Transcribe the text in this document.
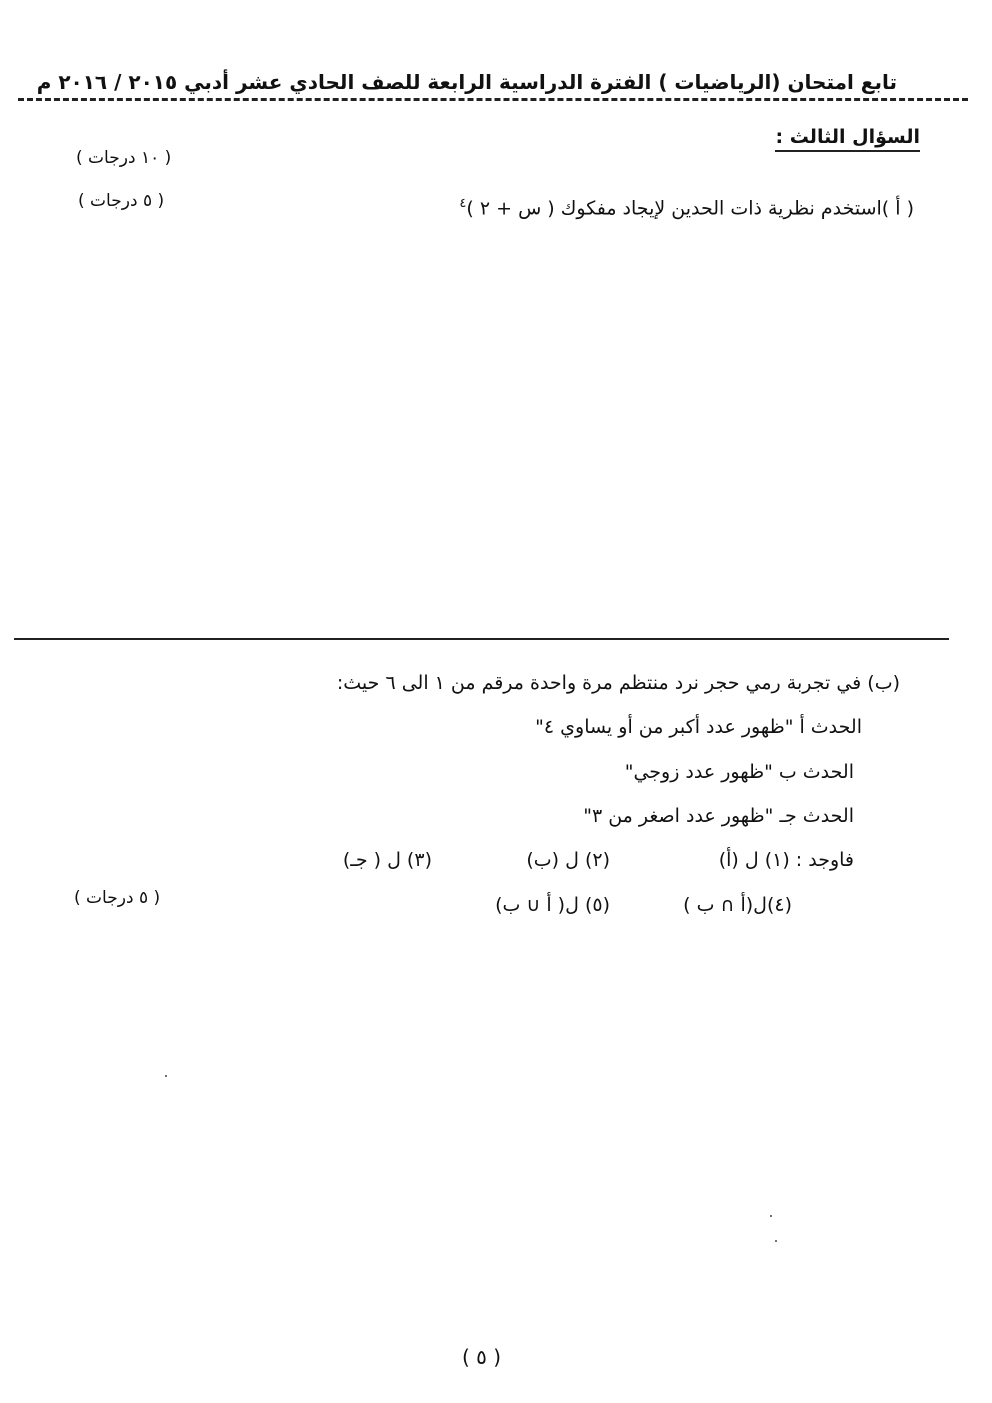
تابع امتحان (الرياضيات ) الفترة الدراسية الرابعة للصف الحادي عشر أدبي ٢٠١٥ / ٢٠١٦ م
السؤال الثالث :
( ١٠ درجات )
( أ )استخدم نظرية ذات الحدين لإيجاد مفكوك ( س + ٢ )$^٤$
( ٥ درجات )
(ب) في تجربة رمي حجر نرد منتظم مرة واحدة مرقم من ١ الى ٦ حيث:
الحدث أ "ظهور عدد أكبر من أو يساوي ٤"
الحدث ب "ظهور عدد زوجي"
الحدث جـ "ظهور عدد اصغر من ٣"
فاوجد : (١) ل (أ)
(٢) ل (ب)
(٣) ل ( جـ)
(٤)ل(أ ∩ ب )
(٥) ل( أ ∪ ب)
( ٥ درجات )
( ٥ )
